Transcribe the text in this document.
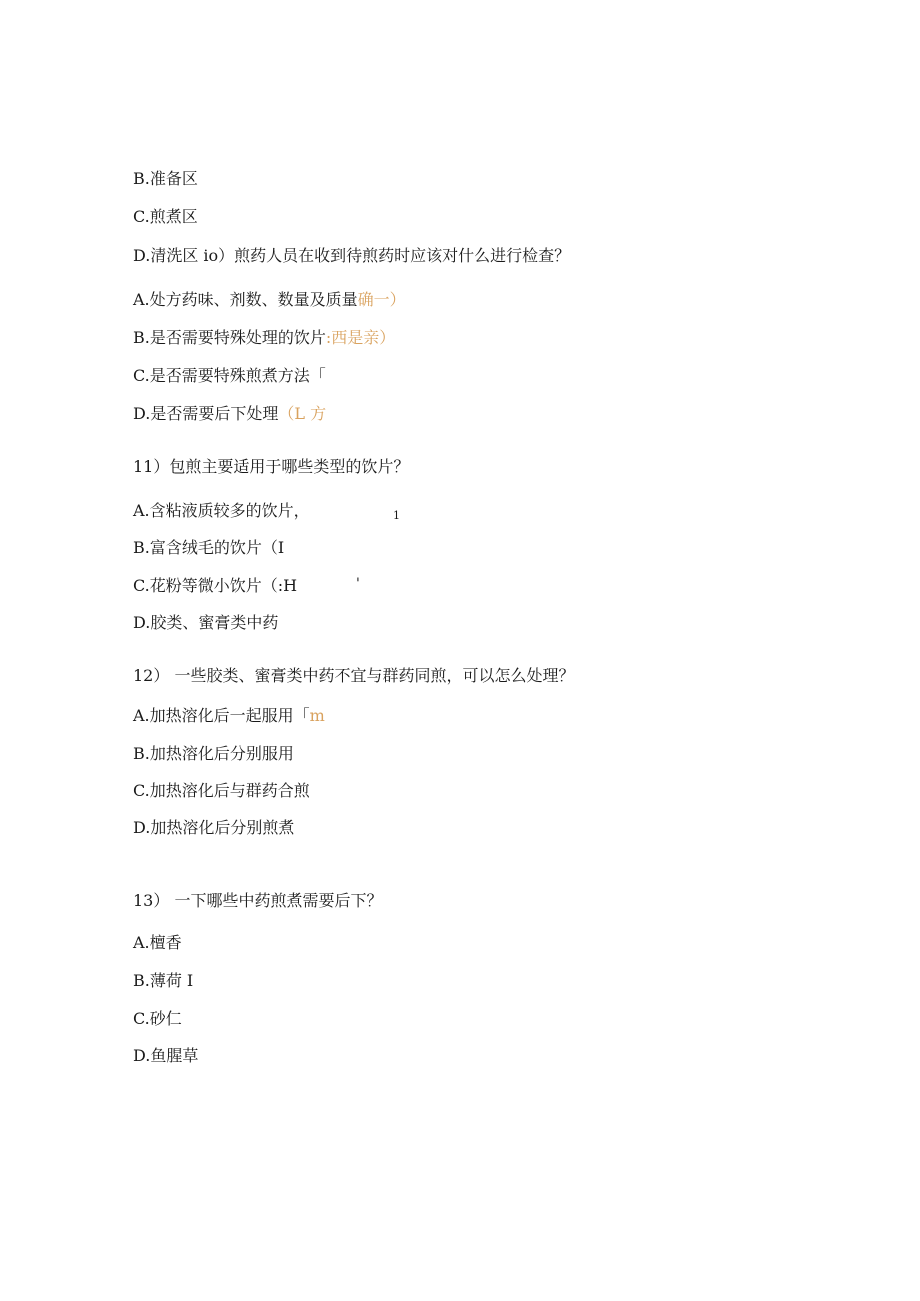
B.准备区
C.煎煮区
D.清洗区 io）煎药人员在收到待煎药时应该对什么进行检查？
A.处方药味、剂数、数量及质量确一）
B.是否需要特殊处理的饮片:西是亲）
C.是否需要特殊煎煮方法「
D.是否需要后下处理（L 方
11）包煎主要适用于哪些类型的饮片？
A.含粘液质较多的饮片，	1
B.富含绒毛的饮片（I
C.花粉等微小饮片（:H	'
D.胶类、蜜膏类中药
12） 一些胶类、蜜膏类中药不宜与群药同煎，可以怎么处理？
A.加热溶化后一起服用「m
B.加热溶化后分别服用
C.加热溶化后与群药合煎
D.加热溶化后分别煎煮
13） 一下哪些中药煎煮需要后下？
A.檀香
B.薄荷 I
C.砂仁
D.鱼腥草
